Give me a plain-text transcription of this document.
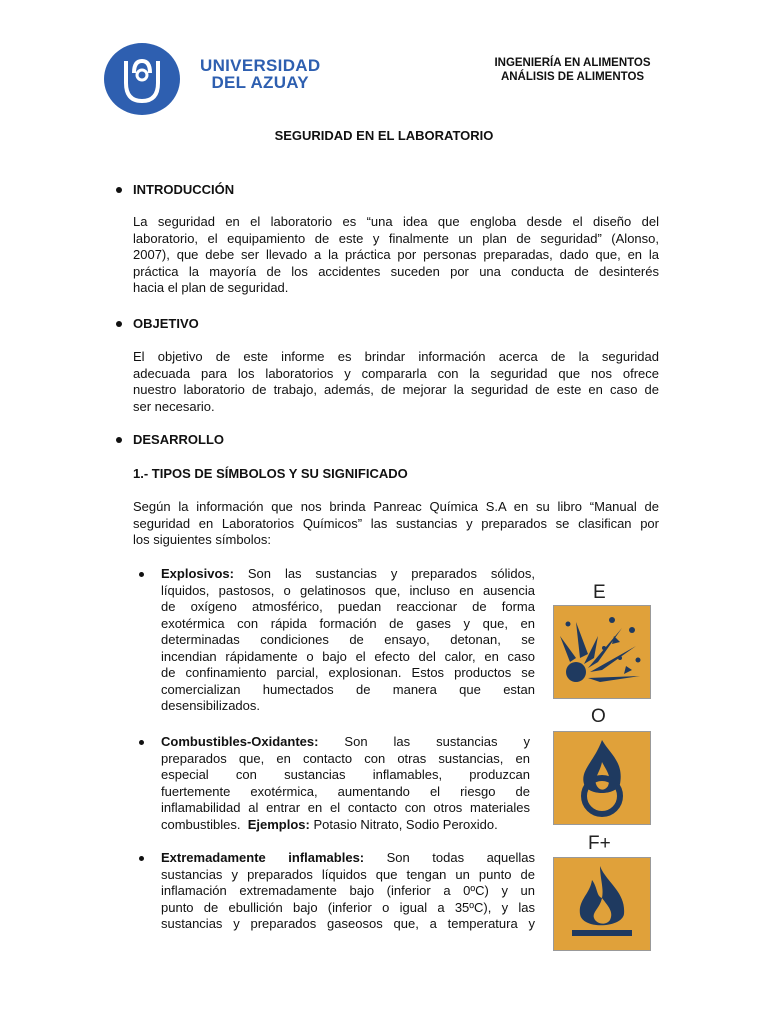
UNIVERSIDAD
DEL AZUAY
INGENIERÍA EN ALIMENTOS
ANÁLISIS DE ALIMENTOS
SEGURIDAD EN EL LABORATORIO
INTRODUCCIÓN
La seguridad en el laboratorio es “una idea que engloba desde el diseño del
laboratorio, el equipamiento de este y finalmente un plan de seguridad” (Alonso,
2007), que debe ser llevado a la práctica por personas preparadas, dado que, en la
práctica la mayoría de los accidentes suceden por una conducta de desinterés
hacia el plan de seguridad.
OBJETIVO
El objetivo de este informe es brindar información acerca de la seguridad
adecuada para los laboratorios y compararla con la seguridad que nos ofrece
nuestro laboratorio de trabajo, además, de mejorar la seguridad de este en caso de
ser necesario.
DESARROLLO
1.- TIPOS DE SÍMBOLOS Y SU SIGNIFICADO
Según la información que nos brinda Panreac Química S.A en su libro “Manual de
seguridad en Laboratorios Químicos” las sustancias y preparados se clasifican por
los siguientes símbolos:
Explosivos: Son las sustancias y preparados sólidos,
líquidos, pastosos, o gelatinosos que, incluso en ausencia
de oxígeno atmosférico, puedan reaccionar de forma
exotérmica con rápida formación de gases y que, en
determinadas condiciones de ensayo, detonan, se
incendian rápidamente o bajo el efecto del calor, en caso
de confinamiento parcial, explosionan. Estos productos se
comercializan humectados de manera que estan
desensibilizados.
Combustibles-Oxidantes: Son las sustancias y
preparados que, en contacto con otras sustancias, en
especial con sustancias inflamables, produzcan
fuertemente exotérmica, aumentando el riesgo de
inflamabilidad al entrar en el contacto con otros materiales
combustibles.  Ejemplos: Potasio Nitrato, Sodio Peroxido.
Extremadamente inflamables: Son todas aquellas
sustancias y preparados líquidos que tengan un punto de
inflamación extremadamente bajo (inferior a 0ºC) y un
punto de ebullición bajo (inferior o igual a 35ºC), y las
sustancias y preparados gaseosos que, a temperatura y
E
O
F+
